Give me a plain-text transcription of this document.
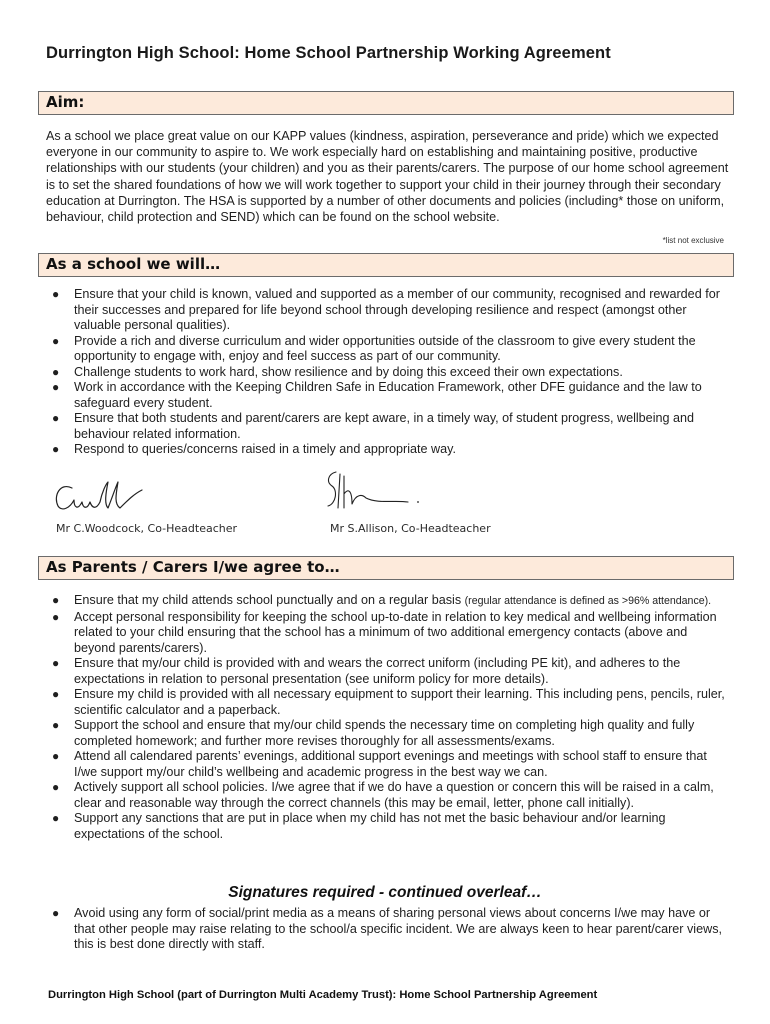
Durrington High School: Home School Partnership Working Agreement
Aim:
As a school we place great value on our KAPP values (kindness, aspiration, perseverance and pride) which we expected everyone in our community to aspire to. We work especially hard on establishing and maintaining positive, productive relationships with our students (your children) and you as their parents/carers. The purpose of our home school agreement is to set the shared foundations of how we will work together to support your child in their journey through their secondary education at Durrington. The HSA is supported by a number of other documents and policies (including* those on uniform, behaviour, child protection and SEND) which can be found on the school website.
*list not exclusive
As a school we will…
● Ensure that your child is known, valued and supported as a member of our community, recognised and rewarded for their successes and prepared for life beyond school through developing resilience and respect (amongst other valuable personal qualities).
● Provide a rich and diverse curriculum and wider opportunities outside of the classroom to give every student the opportunity to engage with, enjoy and feel success as part of our community.
● Challenge students to work hard, show resilience and by doing this exceed their own expectations.
● Work in accordance with the Keeping Children Safe in Education Framework, other DFE guidance and the law to safeguard every student.
● Ensure that both students and parent/carers are kept aware, in a timely way, of student progress, wellbeing and behaviour related information.
● Respond to queries/concerns raised in a timely and appropriate way.
Mr C.Woodcock, Co-Headteacher	Mr S.Allison, Co-Headteacher
As Parents / Carers I/we agree to…
● Ensure that my child attends school punctually and on a regular basis (regular attendance is defined as >96% attendance).
● Accept personal responsibility for keeping the school up-to-date in relation to key medical and wellbeing information related to your child ensuring that the school has a minimum of two additional emergency contacts (above and beyond parents/carers).
● Ensure that my/our child is provided with and wears the correct uniform (including PE kit), and adheres to the expectations in relation to personal presentation (see uniform policy for more details).
● Ensure my child is provided with all necessary equipment to support their learning. This including pens, pencils, ruler, scientific calculator and a paperback.
● Support the school and ensure that my/our child spends the necessary time on completing high quality and fully completed homework; and further more revises thoroughly for all assessments/exams.
● Attend all calendared parents’ evenings, additional support evenings and meetings with school staff to ensure that I/we support my/our child’s wellbeing and academic progress in the best way we can.
● Actively support all school policies. I/we agree that if we do have a question or concern this will be raised in a calm, clear and reasonable way through the correct channels (this may be email, letter, phone call initially).
● Support any sanctions that are put in place when my child has not met the basic behaviour and/or learning expectations of the school.
Signatures required - continued overleaf…
● Avoid using any form of social/print media as a means of sharing personal views about concerns I/we may have or that other people may raise relating to the school/a specific incident. We are always keen to hear parent/carer views, this is best done directly with staff.
Durrington High School (part of Durrington Multi Academy Trust): Home School Partnership Agreement
